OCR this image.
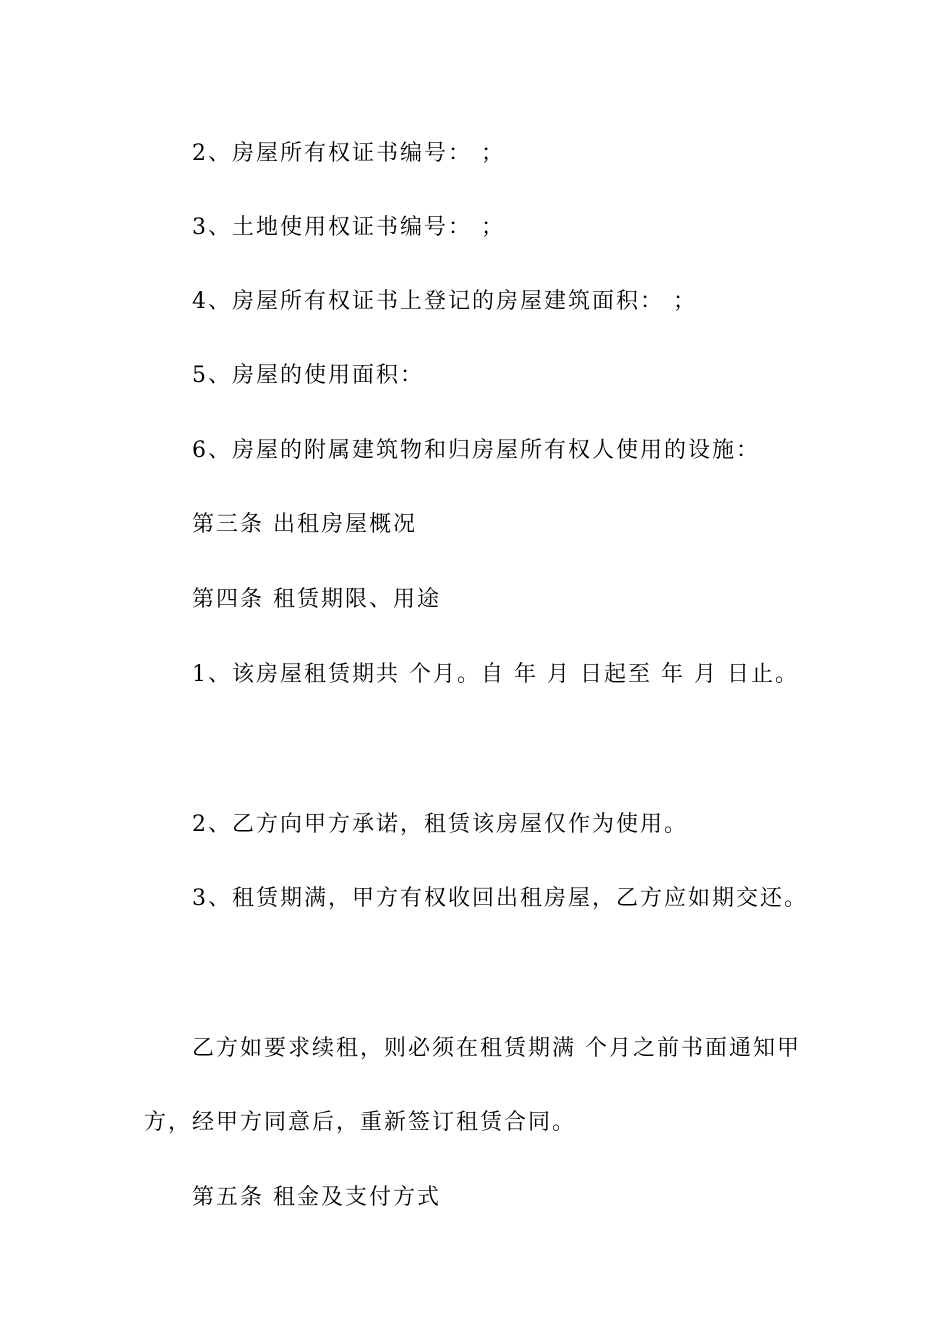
2、房屋所有权证书编号： ；
3、土地使用权证书编号： ；
4、房屋所有权证书上登记的房屋建筑面积： ；
5、房屋的使用面积：
6、房屋的附属建筑物和归房屋所有权人使用的设施：
第三条 出租房屋概况
第四条 租赁期限、用途
1、该房屋租赁期共 个月。自 年 月 日起至 年 月 日止。
2、乙方向甲方承诺，租赁该房屋仅作为使用。
3、租赁期满，甲方有权收回出租房屋，乙方应如期交还。
乙方如要求续租，则必须在租赁期满 个月之前书面通知甲
方，经甲方同意后，重新签订租赁合同。
第五条 租金及支付方式
